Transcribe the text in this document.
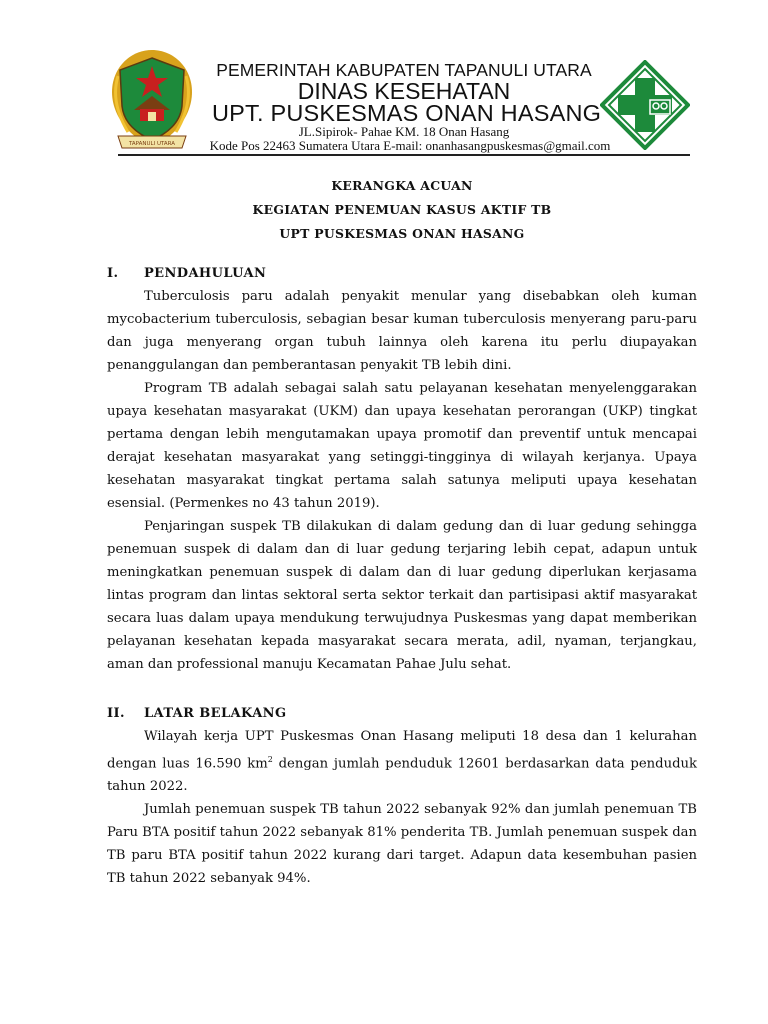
TAPANULI UTARA
PEMERINTAH KABUPATEN TAPANULI UTARA
DINAS KESEHATAN
UPT. PUSKESMAS ONAN HASANG
JL.Sipirok- Pahae KM. 18 Onan Hasang
Kode Pos 22463 Sumatera Utara E-mail: onanhasangpuskesmas@gmail.com

KERANGKA ACUAN

KEGIATAN PENEMUAN KASUS AKTIF TB

UPT PUSKESMAS ONAN HASANG

I. PENDAHULUAN

Tuberculosis paru adalah penyakit menular yang disebabkan oleh kuman mycobacterium tuberculosis, sebagian besar kuman tuberculosis menyerang paru-paru dan juga menyerang organ tubuh lainnya oleh karena itu perlu diupayakan penanggulangan dan pemberantasan penyakit TB lebih dini.

Program TB adalah sebagai salah satu pelayanan kesehatan menyelenggarakan upaya kesehatan masyarakat (UKM) dan upaya kesehatan perorangan (UKP) tingkat pertama dengan lebih mengutamakan upaya promotif dan preventif untuk mencapai derajat kesehatan masyarakat yang setinggi-tingginya di wilayah kerjanya. Upaya kesehatan masyarakat tingkat pertama salah satunya meliputi upaya kesehatan esensial. (Permenkes no 43 tahun 2019).

Penjaringan suspek TB dilakukan di dalam gedung dan di luar gedung sehingga penemuan suspek di dalam dan di luar gedung terjaring lebih cepat, adapun untuk meningkatkan penemuan suspek di dalam dan di luar gedung diperlukan kerjasama lintas program dan lintas sektoral serta sektor terkait dan partisipasi aktif masyarakat secara luas dalam upaya mendukung terwujudnya Puskesmas yang dapat memberikan pelayanan kesehatan kepada masyarakat secara merata, adil, nyaman, terjangkau, aman dan professional manuju Kecamatan Pahae Julu sehat.

II. LATAR BELAKANG

Wilayah kerja UPT Puskesmas Onan Hasang meliputi 18 desa dan 1 kelurahan dengan luas 16.590 $km^2$ dengan jumlah penduduk 12601 berdasarkan data penduduk tahun 2022.

Jumlah penemuan suspek TB tahun 2022 sebanyak 92% dan jumlah penemuan TB Paru BTA positif tahun 2022 sebanyak 81% penderita TB. Jumlah penemuan suspek dan TB paru BTA positif tahun 2022 kurang dari target. Adapun data kesembuhan pasien TB tahun 2022 sebanyak 94%.
